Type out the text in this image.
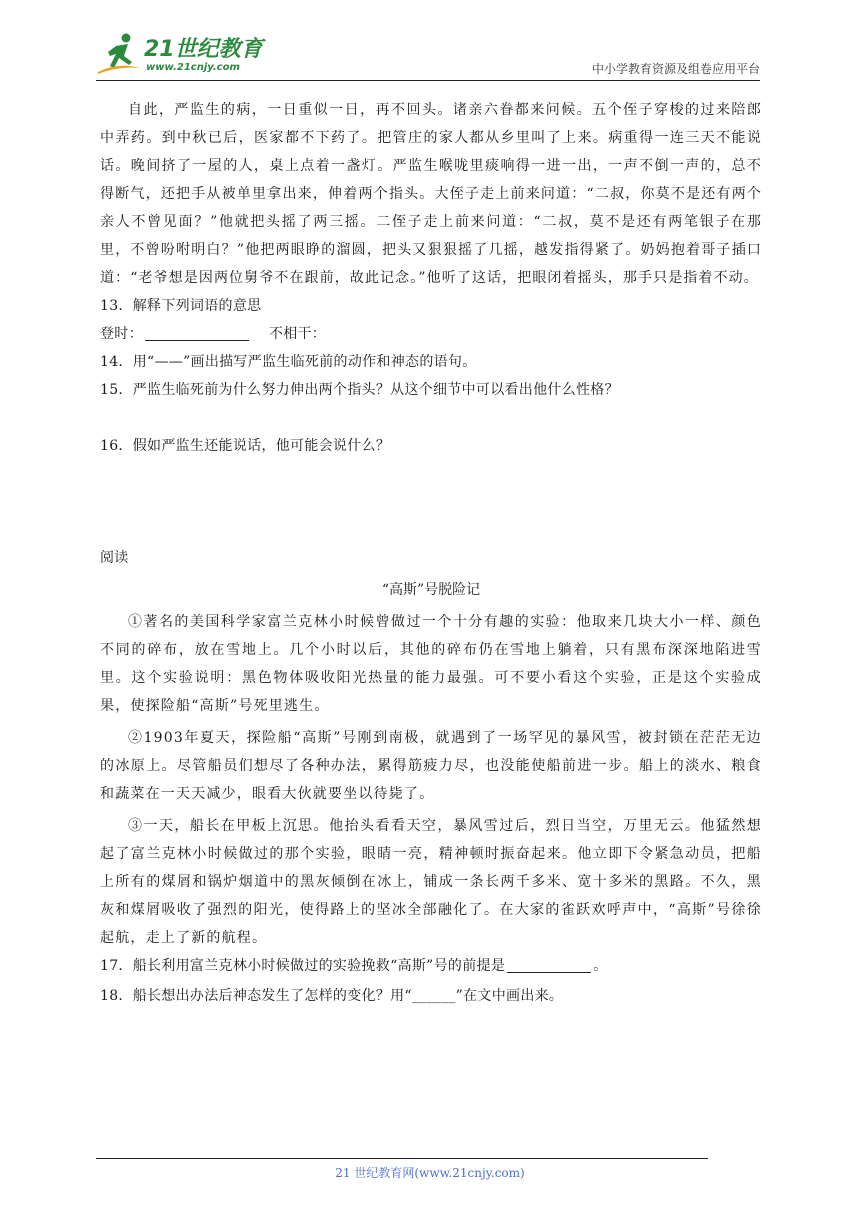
21世纪教育
www.21cnjy.com	中小学教育资源及组卷应用平台

自此，严监生的病，一日重似一日，再不回头。诸亲六眷都来问候。五个侄子穿梭的过来陪郎中弄药。到中秋已后，医家都不下药了。把管庄的家人都从乡里叫了上来。病重得一连三天不能说话。晚间挤了一屋的人，桌上点着一盏灯。严监生喉咙里痰响得一进一出，一声不倒一声的，总不得断气，还把手从被单里拿出来，伸着两个指头。大侄子走上前来问道：“二叔，你莫不是还有两个亲人不曾见面？”他就把头摇了两三摇。二侄子走上前来问道：“二叔，莫不是还有两笔银子在那里，不曾吩咐明白？”他把两眼睁的溜圆，把头又狠狠摇了几摇，越发指得紧了。奶妈抱着哥子插口道：“老爷想是因两位舅爷不在跟前，故此记念。”他听了这话，把眼闭着摇头，那手只是指着不动。

13．解释下列词语的意思

登时：	不相干：

14．用“——”画出描写严监生临死前的动作和神态的语句。

15．严监生临死前为什么努力伸出两个指头？从这个细节中可以看出他什么性格？

16．假如严监生还能说话，他可能会说什么？

阅读

“高斯”号脱险记

①著名的美国科学家富兰克林小时候曾做过一个十分有趣的实验：他取来几块大小一样、颜色不同的碎布，放在雪地上。几个小时以后，其他的碎布仍在雪地上躺着，只有黑布深深地陷进雪里。这个实验说明：黑色物体吸收阳光热量的能力最强。可不要小看这个实验，正是这个实验成果，使探险船“高斯”号死里逃生。

②1903年夏天，探险船“高斯”号刚到南极，就遇到了一场罕见的暴风雪，被封锁在茫茫无边的冰原上。尽管船员们想尽了各种办法，累得筋疲力尽，也没能使船前进一步。船上的淡水、粮食和蔬菜在一天天减少，眼看大伙就要坐以待毙了。

③一天，船长在甲板上沉思。他抬头看看天空，暴风雪过后，烈日当空，万里无云。他猛然想起了富兰克林小时候做过的那个实验，眼睛一亮，精神顿时振奋起来。他立即下令紧急动员，把船上所有的煤屑和锅炉烟道中的黑灰倾倒在冰上，铺成一条长两千多米、宽十多米的黑路。不久，黑灰和煤屑吸收了强烈的阳光，使得路上的坚冰全部融化了。在大家的雀跃欢呼声中，“高斯”号徐徐起航，走上了新的航程。

17．船长利用富兰克林小时候做过的实验挽救“高斯”号的前提是	。

18．船长想出办法后神态发生了怎样的变化？用“______”在文中画出来。

21 世纪教育网(www.21cnjy.com)
